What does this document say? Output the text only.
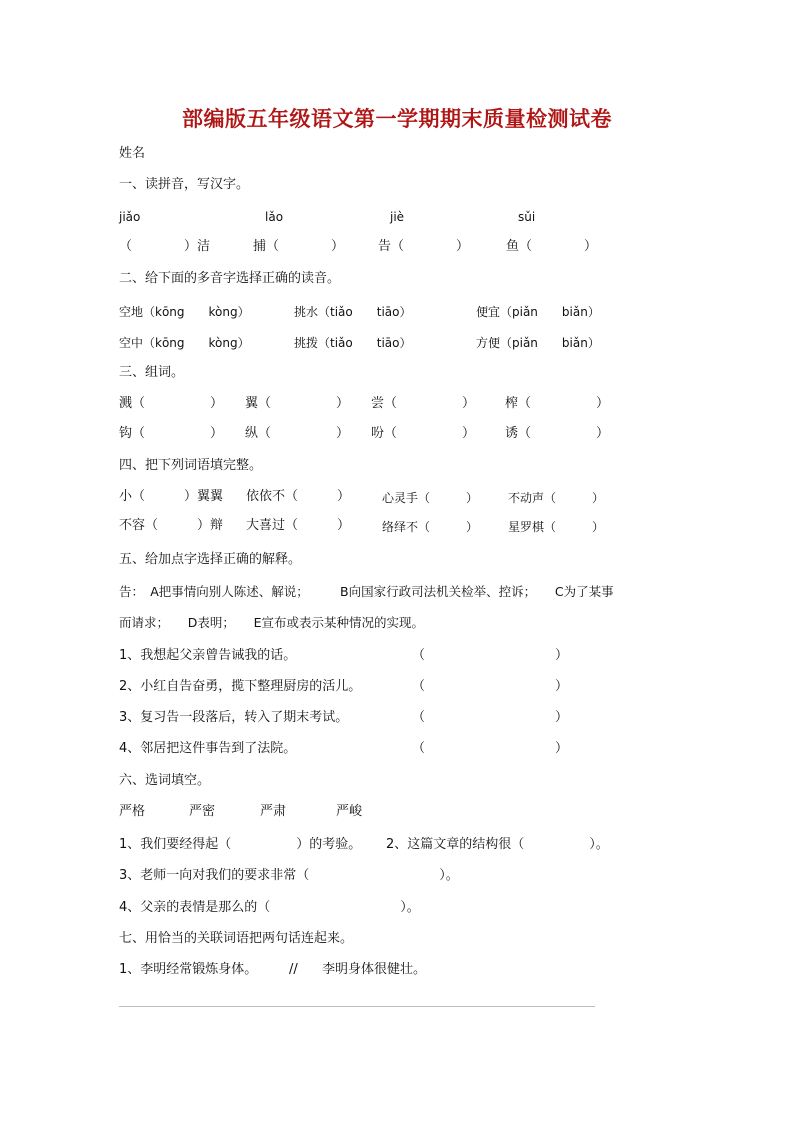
部编版五年级语文第一学期期末质量检测试卷
姓名
一、读拼音，写汉字。
jiǎo	lǎo	jiè	sǔi
（　　　　）洁	捕（　　　　）	告（　　　　）	鱼（　　　　）
二、给下面的多音字选择正确的读音。
空地（kōng　　kòng）	挑水（tiǎo　　tiāo）	便宜（piǎn　　biǎn）
空中（kōng　　kòng）	挑拨（tiǎo　　tiāo）	方便（piǎn　　biǎn）
三、组词。
溅（　　　　　） 翼（　　　　　） 尝（　　　　　） 榨（　　　　　）
钩（　　　　　） 纵（　　　　　） 吩（　　　　　） 诱（　　　　　）
四、把下列词语填完整。
小（　　　）翼翼 依依不（　　　）	心灵手（　　　） 不动声（　　　）
不容（　　　）辩 大喜过（　　　）	络绎不（　　　） 星罗棋（　　　）
五、给加点字选择正确的解释。
告：　A把事情向别人陈述、解说；　　　B向国家行政司法机关检举、控诉；　　C为了某事
而请求；　　D表明；　　E宣布或表示某种情况的实现。
1、我想起父亲曾告诫我的话。	（　　　　　　　　　　）
2、小红自告奋勇，揽下整理厨房的活儿。	（　　　　　　　　　　）
3、复习告一段落后，转入了期末考试。	（　　　　　　　　　　）
4、邻居把这件事告到了法院。	（　　　　　　　　　　）
六、选词填空。
严格	严密	严肃	严峻
1、我们要经得起（　　　　　）的考验。 2、这篇文章的结构很（　　　　　）。
3、老师一向对我们的要求非常（　　　　　　　　　　）。
4、父亲的表情是那么的（　　　　　　　　　　）。
七、用恰当的关联词语把两句话连起来。
1、李明经常锻炼身体。 // 李明身体很健壮。
